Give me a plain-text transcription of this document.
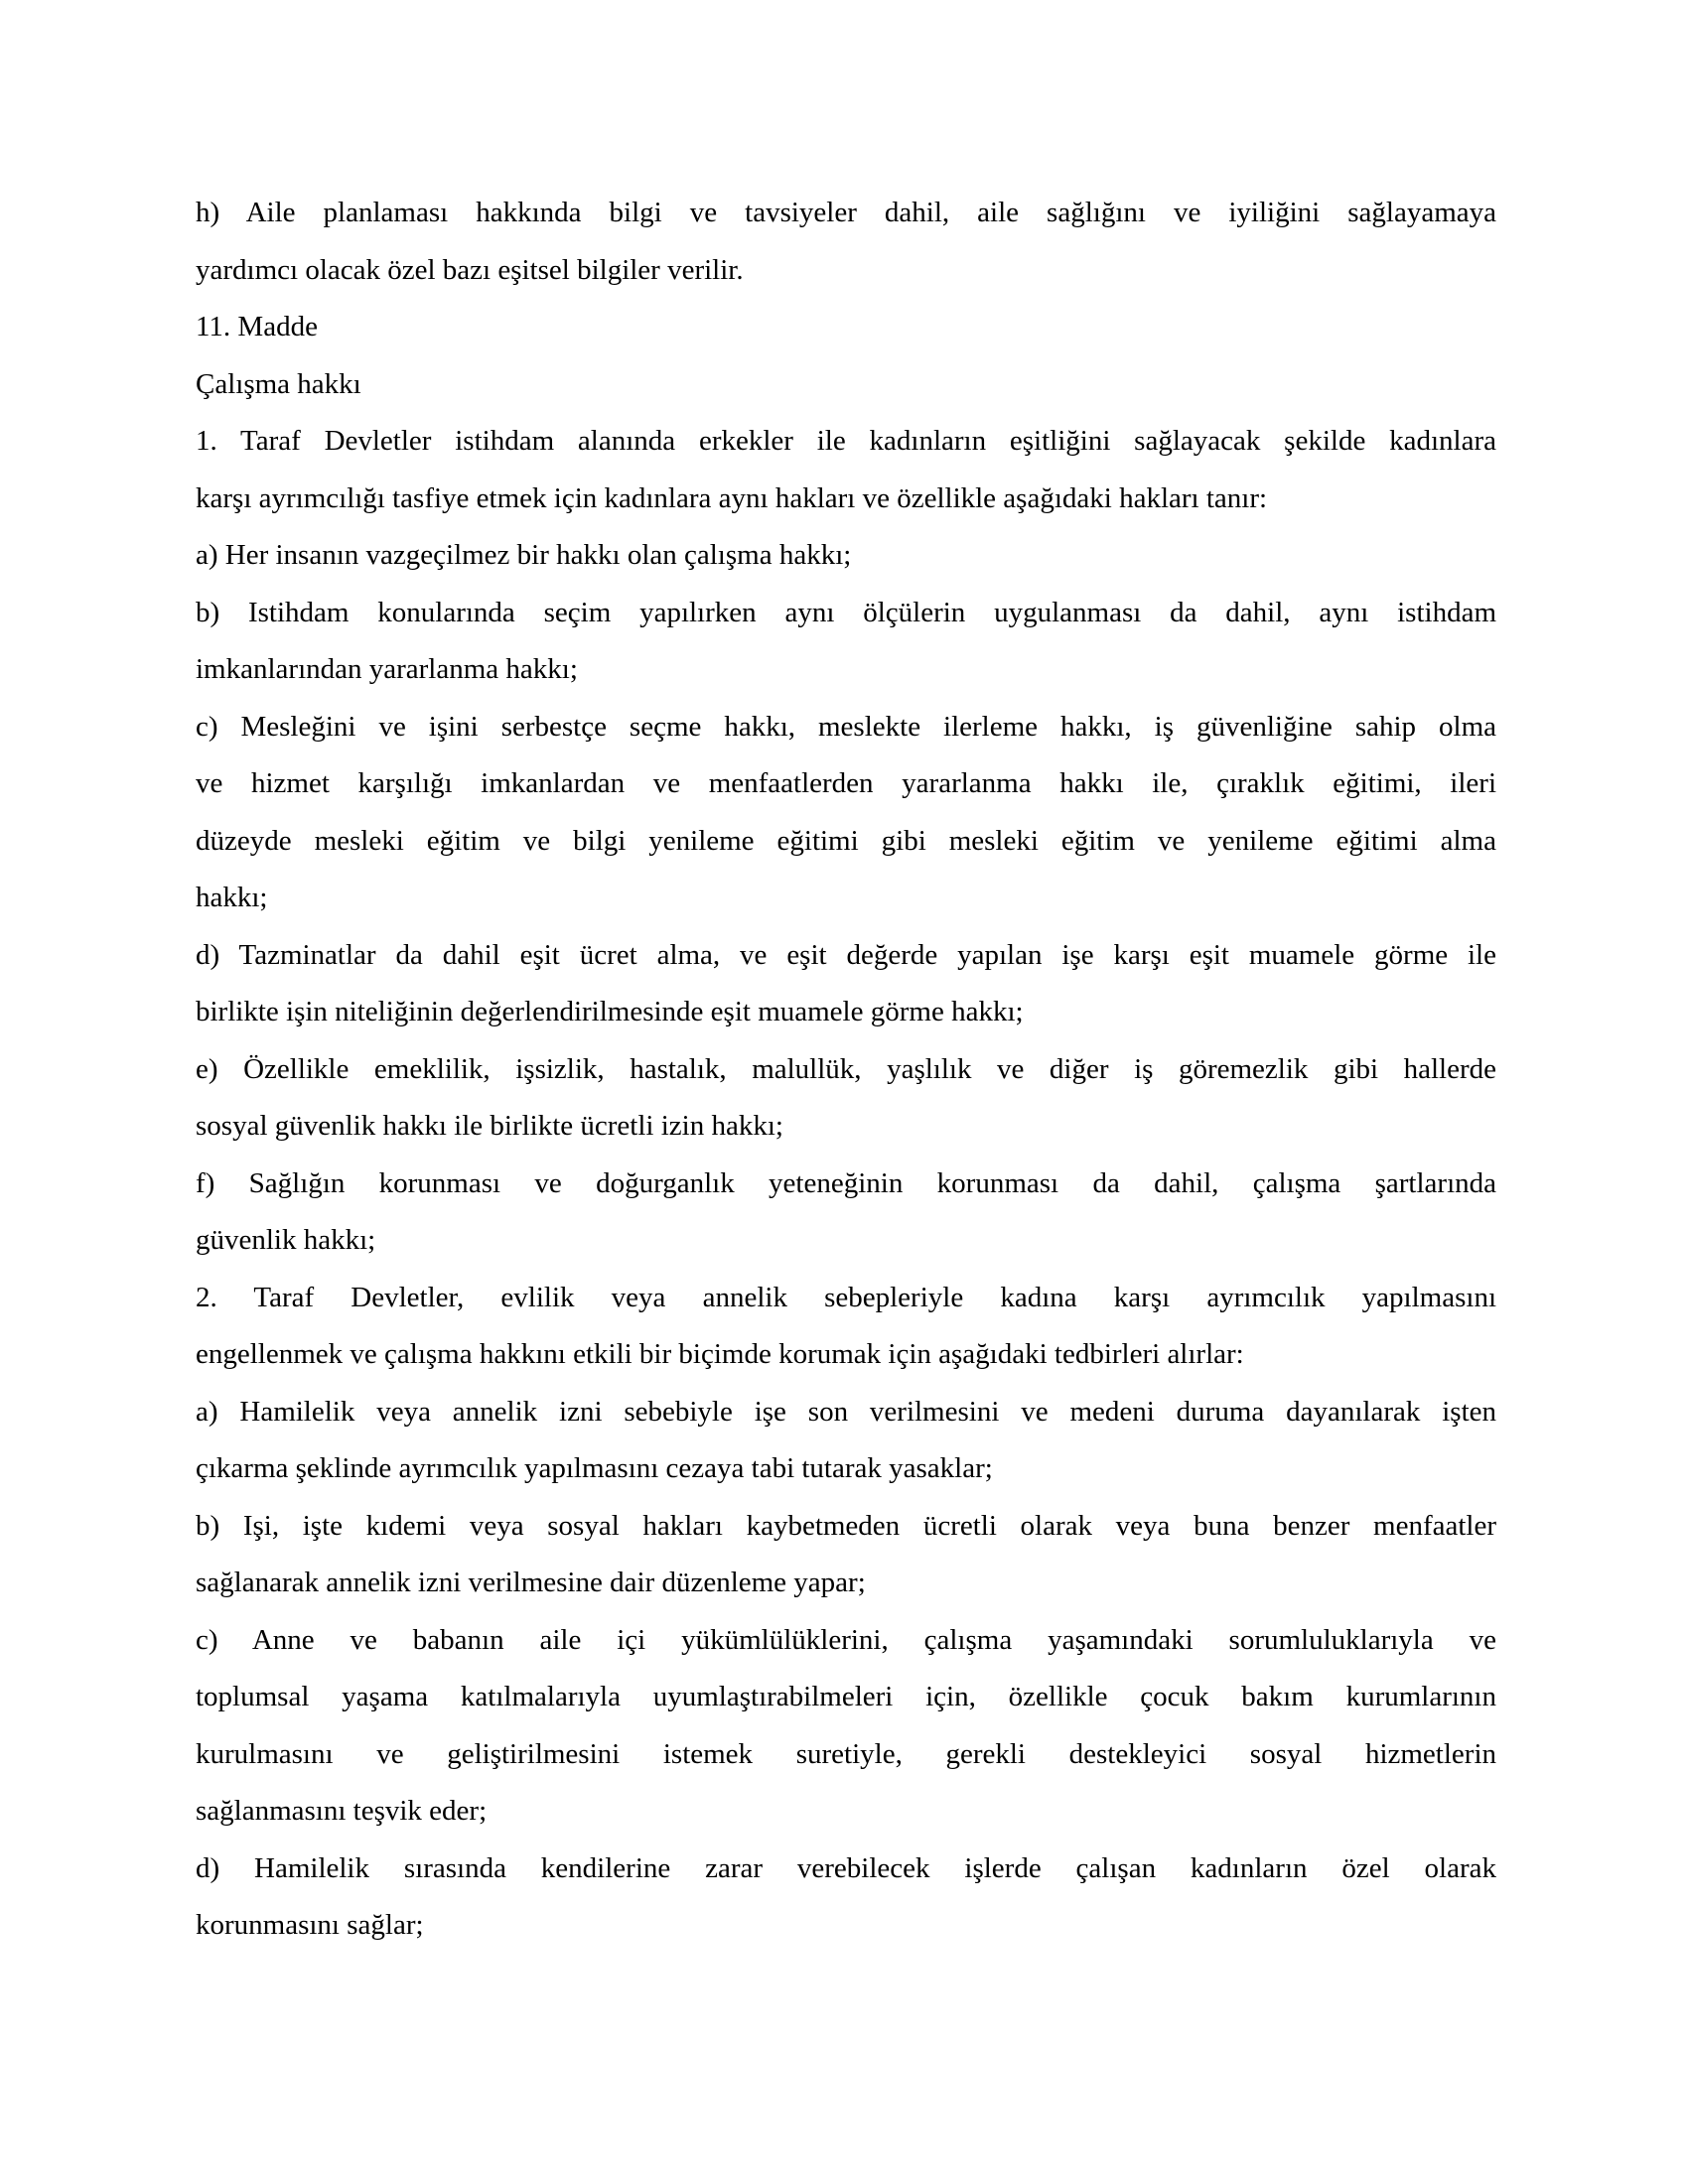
h) Aile planlaması hakkında bilgi ve tavsiyeler dahil, aile sağlığını ve iyiliğini sağlayamaya
yardımcı olacak özel bazı eşitsel bilgiler verilir.
11. Madde
Çalışma hakkı
1. Taraf Devletler istihdam alanında erkekler ile kadınların eşitliğini sağlayacak şekilde kadınlara
karşı ayrımcılığı tasfiye etmek için kadınlara aynı hakları ve özellikle aşağıdaki hakları tanır:
a) Her insanın vazgeçilmez bir hakkı olan çalışma hakkı;
b) Istihdam konularında seçim yapılırken aynı ölçülerin uygulanması da dahil, aynı istihdam
imkanlarından yararlanma hakkı;
c) Mesleğini ve işini serbestçe seçme hakkı, meslekte ilerleme hakkı, iş güvenliğine sahip olma
ve hizmet karşılığı imkanlardan ve menfaatlerden yararlanma hakkı ile, çıraklık eğitimi, ileri
düzeyde mesleki eğitim ve bilgi yenileme eğitimi gibi mesleki eğitim ve yenileme eğitimi alma
hakkı;
d) Tazminatlar da dahil eşit ücret alma, ve eşit değerde yapılan işe karşı eşit muamele görme ile
birlikte işin niteliğinin değerlendirilmesinde eşit muamele görme hakkı;
e) Özellikle emeklilik, işsizlik, hastalık, malullük, yaşlılık ve diğer iş göremezlik gibi hallerde
sosyal güvenlik hakkı ile birlikte ücretli izin hakkı;
f) Sağlığın korunması ve doğurganlık yeteneğinin korunması da dahil, çalışma şartlarında
güvenlik hakkı;
2. Taraf Devletler, evlilik veya annelik sebepleriyle kadına karşı ayrımcılık yapılmasını
engellenmek ve çalışma hakkını etkili bir biçimde korumak için aşağıdaki tedbirleri alırlar:
a) Hamilelik veya annelik izni sebebiyle işe son verilmesini ve medeni duruma dayanılarak işten
çıkarma şeklinde ayrımcılık yapılmasını cezaya tabi tutarak yasaklar;
b) Işi, işte kıdemi veya sosyal hakları kaybetmeden ücretli olarak veya buna benzer menfaatler
sağlanarak annelik izni verilmesine dair düzenleme yapar;
c) Anne ve babanın aile içi yükümlülüklerini, çalışma yaşamındaki sorumluluklarıyla ve
toplumsal yaşama katılmalarıyla uyumlaştırabilmeleri için, özellikle çocuk bakım kurumlarının
kurulmasını ve geliştirilmesini istemek suretiyle, gerekli destekleyici sosyal hizmetlerin
sağlanmasını teşvik eder;
d) Hamilelik sırasında kendilerine zarar verebilecek işlerde çalışan kadınların özel olarak
korunmasını sağlar;
